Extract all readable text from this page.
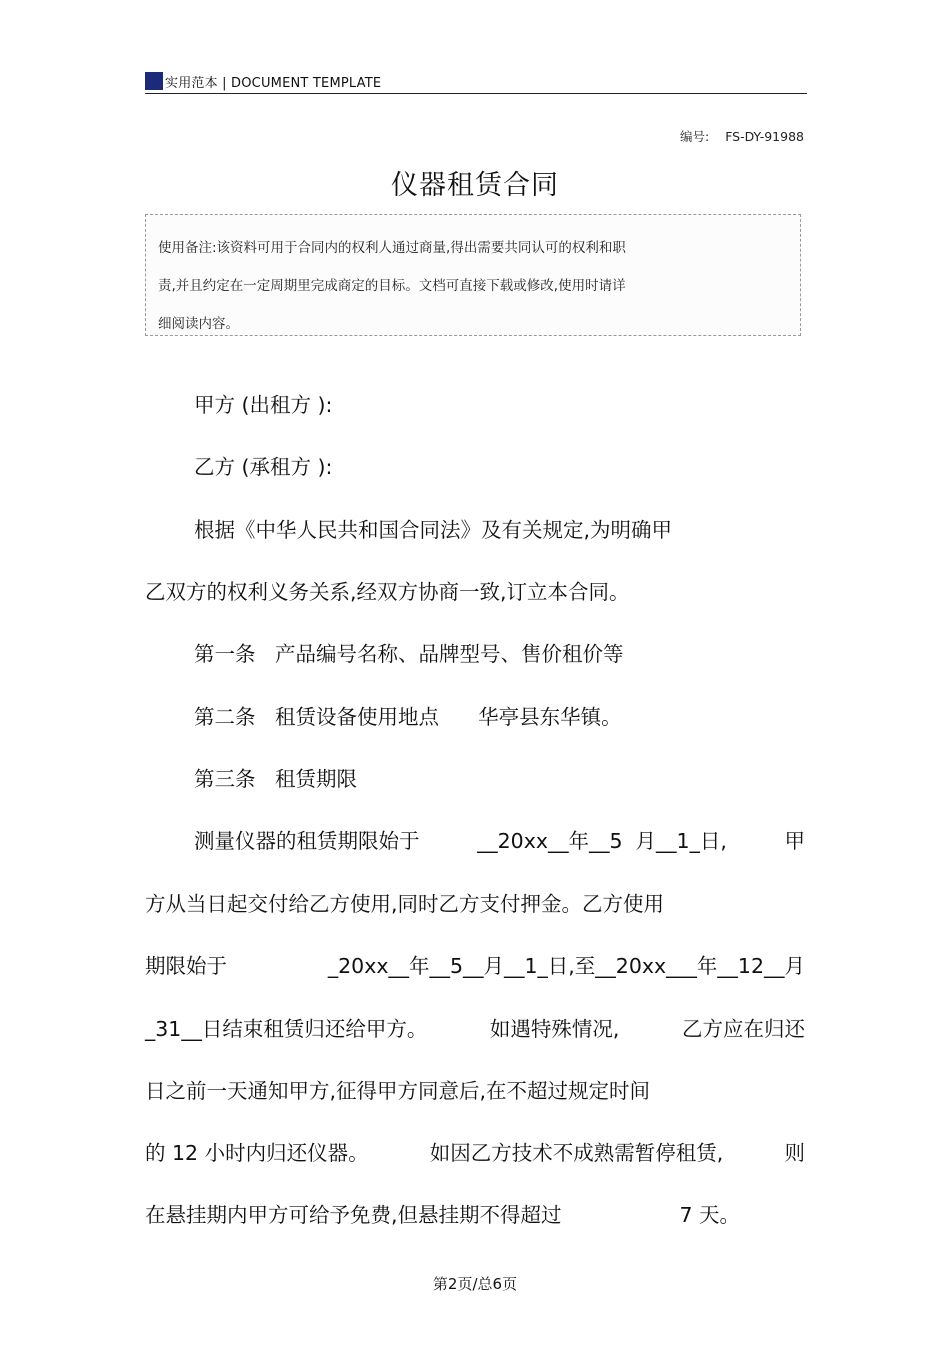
实用范本 | DOCUMENT TEMPLATE
编号: FS-DY-91988
仪器租赁合同

使用备注:该资料可用于合同内的权利人通过商量,得出需要共同认可的权利和职

责,并且约定在一定周期里完成商定的目标。文档可直接下载或修改,使用时请详

细阅读内容。

甲方 (出租方 ):
乙方 (承租方 ):
根据《中华人民共和国合同法》及有关规定,为明确甲
乙双方的权利义务关系,经双方协商一致,订立本合同。
第一条   产品编号名称、品牌型号、售价租价等
第二条   租赁设备使用地点      华亭县东华镇。
第三条   租赁期限
测量仪器的租赁期限始于	__20xx__年__5  月__1_日,	甲
方从当日起交付给乙方使用,同时乙方支付押金。乙方使用
期限始于	_20xx__年__5__月__1_日,至__20xx___年__12__月
_31__日结束租赁归还给甲方。	如遇特殊情况,	乙方应在归还
日之前一天通知甲方,征得甲方同意后,在不超过规定时间
的 12 小时内归还仪器。	如因乙方技术不成熟需暂停租赁,	则
在悬挂期内甲方可给予免费,但悬挂期不得超过	7 天。
第2页/总6页
